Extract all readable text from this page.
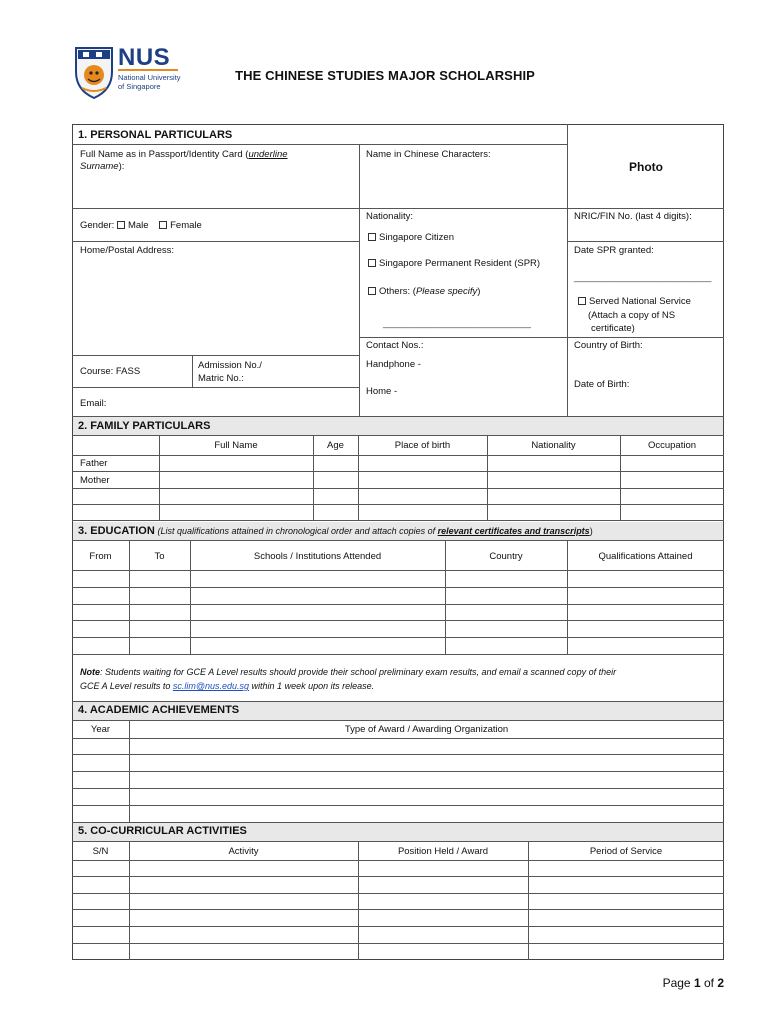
NUS
National University
of Singapore
THE CHINESE STUDIES MAJOR SCHOLARSHIP
1. PERSONAL PARTICULARS
Full Name as in Passport/Identity Card (underline
Surname):
Name in Chinese Characters:
Photo
Gender: Male Female
Nationality:
Singapore Citizen
Singapore Permanent Resident (SPR)
Others: (Please specify)
____________________________
NRIC/FIN No. (last 4 digits):
Date SPR granted:
__________________________
Served National Service
(Attach a copy of NS
certificate)
Home/Postal Address:
Contact Nos.:
Handphone -
Home -
Country of Birth:
Date of Birth:
Course: FASS
Admission No./
Matric No.:
Email:
2. FAMILY PARTICULARS
Full Name	Age	Place of birth	Nationality	Occupation
Father
Mother
3. EDUCATION (List qualifications attained in chronological order and attach copies of relevant certificates and transcripts)
From	To	Schools / Institutions Attended	Country	Qualifications Attained
Note: Students waiting for GCE A Level results should provide their school preliminary exam results, and email a scanned copy of their
GCE A Level results to sc.lim@nus.edu.sg within 1 week upon its release.
4. ACADEMIC ACHIEVEMENTS
Year	Type of Award / Awarding Organization
5. CO-CURRICULAR ACTIVITIES
S/N	Activity	Position Held / Award	Period of Service
Page 1 of 2
